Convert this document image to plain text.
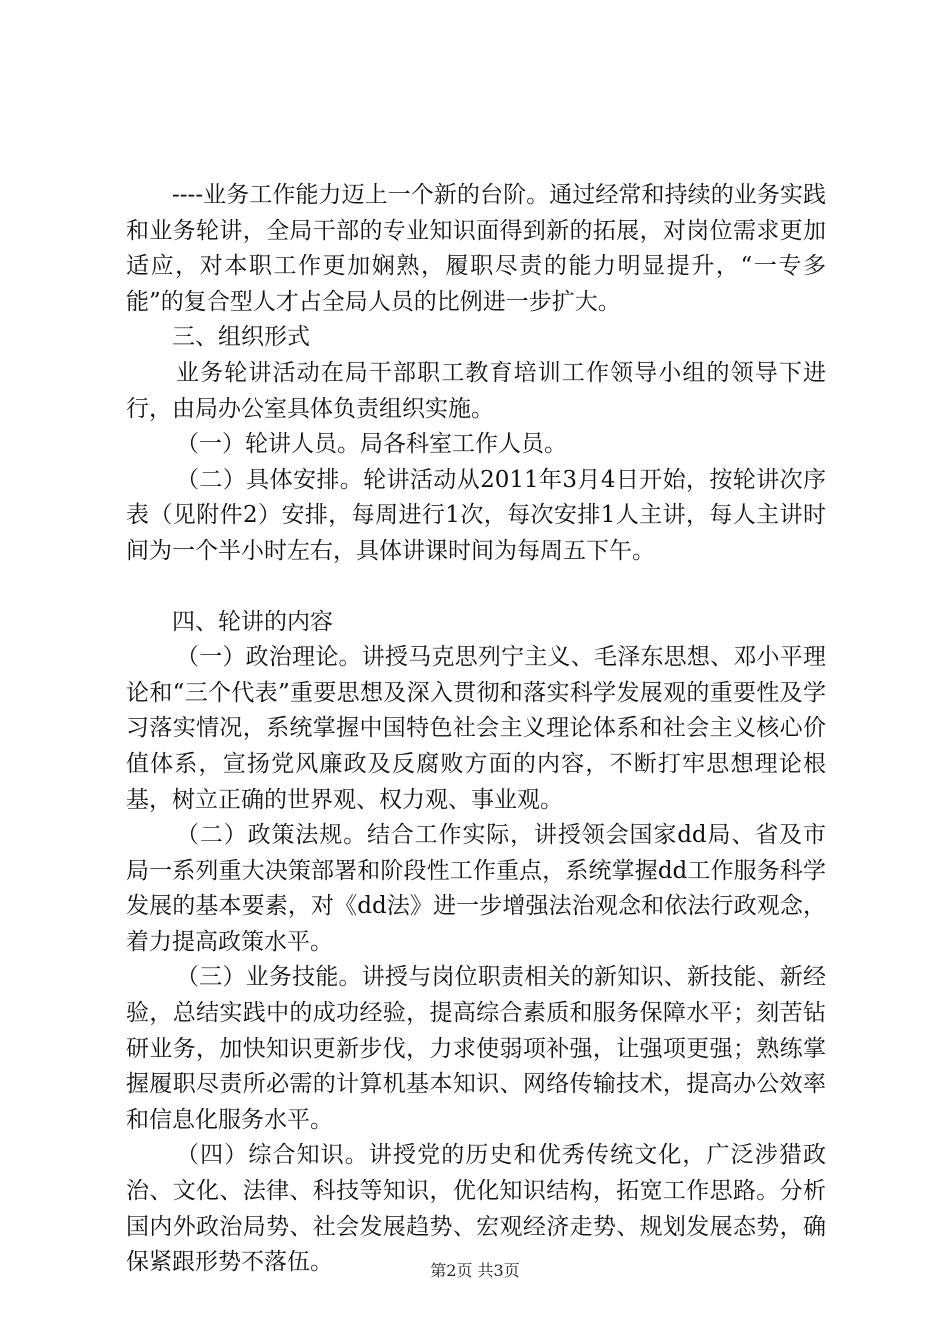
----业务工作能力迈上一个新的台阶。通过经常和持续的业务实践和业务轮讲，全局干部的专业知识面得到新的拓展，对岗位需求更加适应，对本职工作更加娴熟，履职尽责的能力明显提升，“一专多能”的复合型人才占全局人员的比例进一步扩大。

三、组织形式

业务轮讲活动在局干部职工教育培训工作领导小组的领导下进行，由局办公室具体负责组织实施。

（一）轮讲人员。局各科室工作人员。

（二）具体安排。轮讲活动从2011年3月4日开始，按轮讲次序表（见附件2）安排，每周进行1次，每次安排1人主讲，每人主讲时间为一个半小时左右，具体讲课时间为每周五下午。

四、轮讲的内容

（一）政治理论。讲授马克思列宁主义、毛泽东思想、邓小平理论和“三个代表”重要思想及深入贯彻和落实科学发展观的重要性及学习落实情况，系统掌握中国特色社会主义理论体系和社会主义核心价值体系，宣扬党风廉政及反腐败方面的内容，不断打牢思想理论根基，树立正确的世界观、权力观、事业观。

（二）政策法规。结合工作实际，讲授领会国家dd局、省及市局一系列重大决策部署和阶段性工作重点，系统掌握dd工作服务科学发展的基本要素，对《dd法》进一步增强法治观念和依法行政观念，着力提高政策水平。

（三）业务技能。讲授与岗位职责相关的新知识、新技能、新经验，总结实践中的成功经验，提高综合素质和服务保障水平；刻苦钻研业务，加快知识更新步伐，力求使弱项补强，让强项更强；熟练掌握履职尽责所必需的计算机基本知识、网络传输技术，提高办公效率和信息化服务水平。

（四）综合知识。讲授党的历史和优秀传统文化，广泛涉猎政治、文化、法律、科技等知识，优化知识结构，拓宽工作思路。分析国内外政治局势、社会发展趋势、宏观经济走势、规划发展态势，确保紧跟形势不落伍。	第2页 共3页
